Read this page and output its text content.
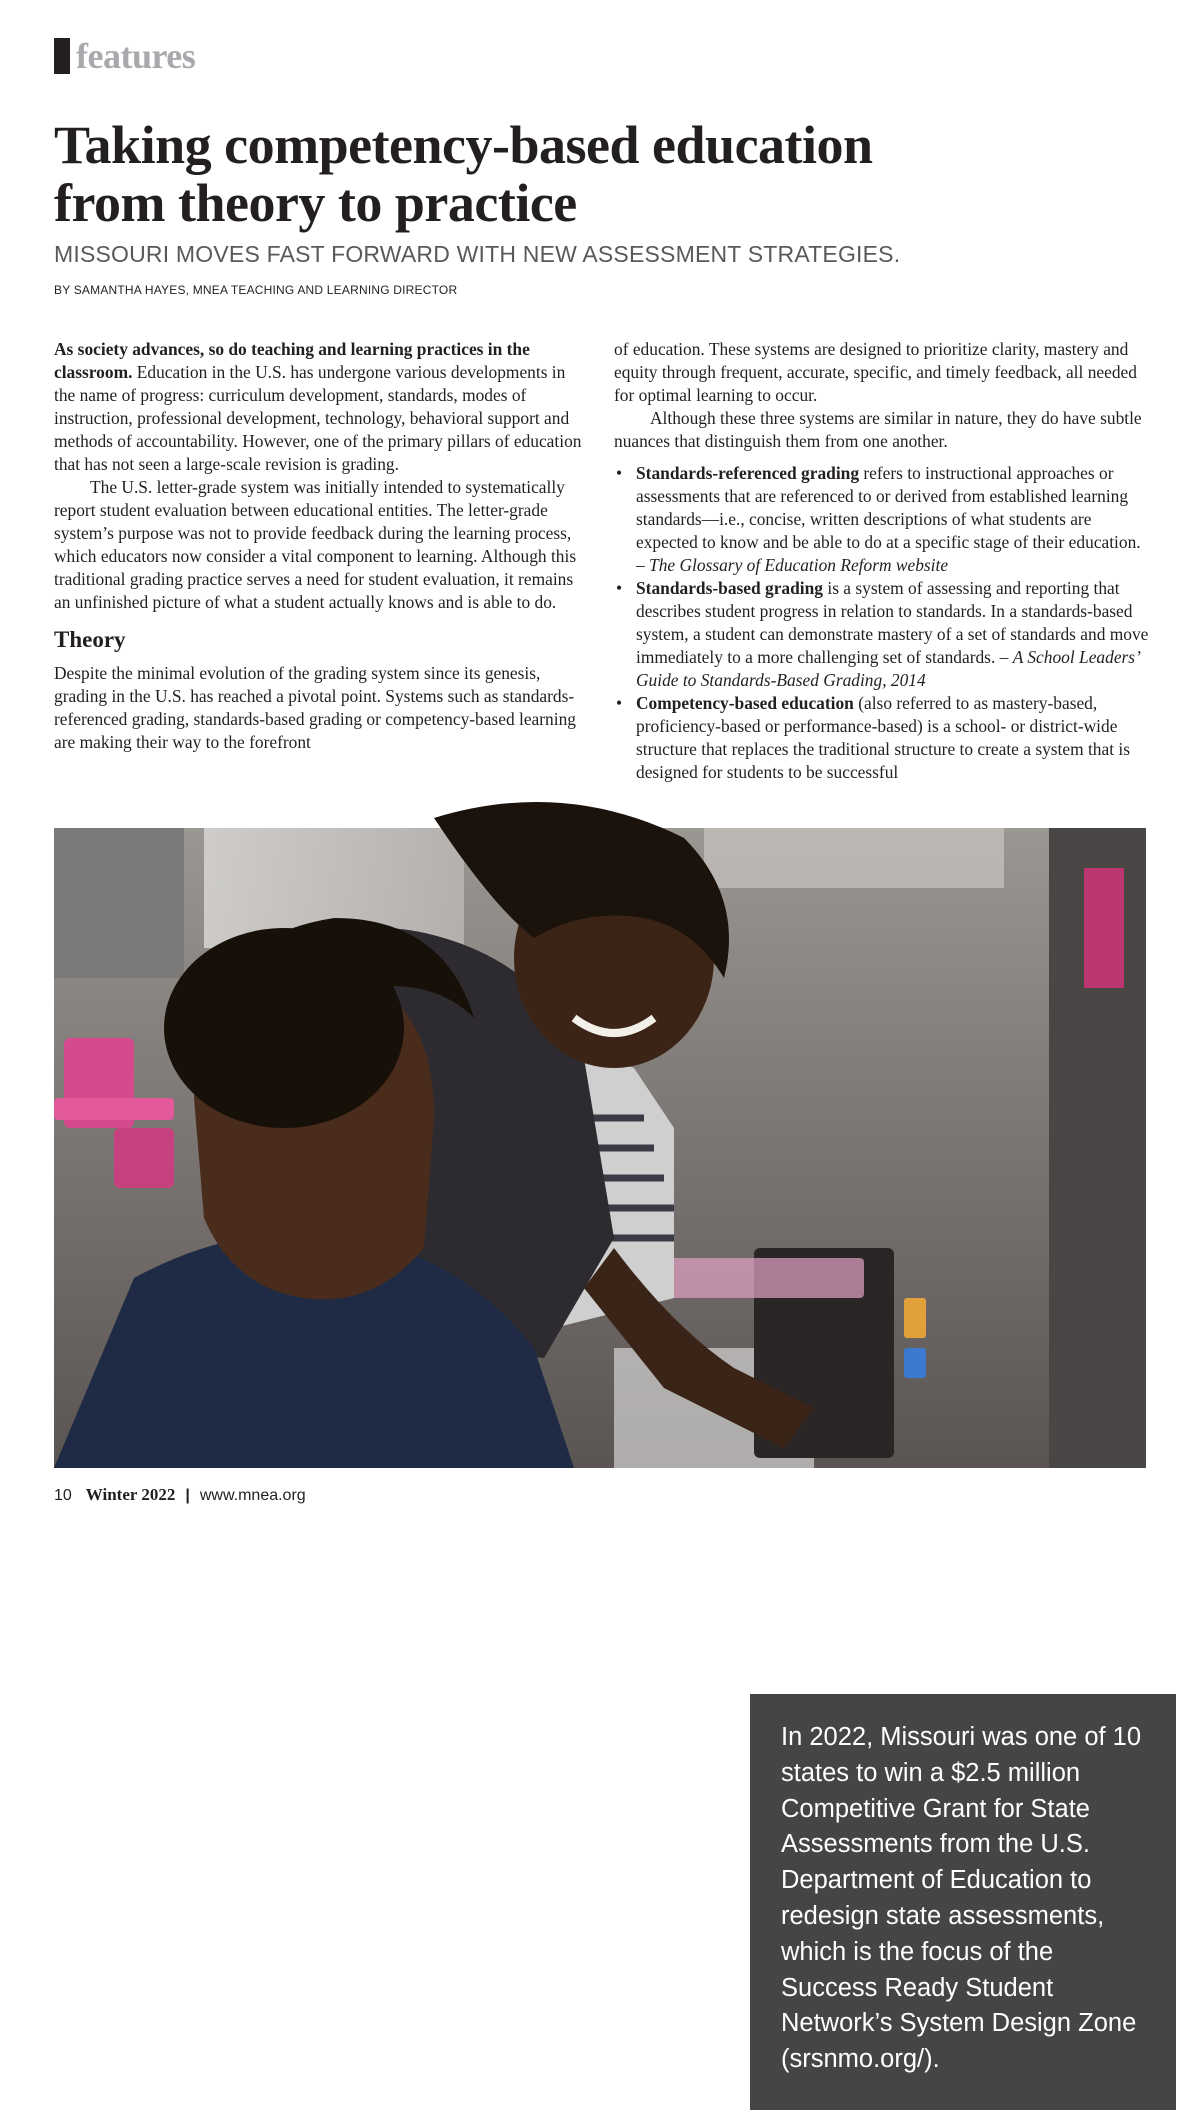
features
Taking competency-based education
from theory to practice
MISSOURI MOVES FAST FORWARD WITH NEW ASSESSMENT STRATEGIES.
BY SAMANTHA HAYES, MNEA TEACHING AND LEARNING DIRECTOR

As society advances, so do teaching and learning practices in the classroom. Education in the U.S. has undergone various developments in the name of progress: curriculum development, standards, modes of instruction, professional development, technology, behavioral support and methods of accountability. However, one of the primary pillars of education that has not seen a large-scale revision is grading.

The U.S. letter-grade system was initially intended to systematically report student evaluation between educational entities. The letter-grade system’s purpose was not to provide feedback during the learning process, which educators now consider a vital component to learning. Although this traditional grading practice serves a need for student evaluation, it remains an unfinished picture of what a student actually knows and is able to do.

Theory

Despite the minimal evolution of the grading system since its genesis, grading in the U.S. has reached a pivotal point. Systems such as standards-referenced grading, standards-based grading or competency-based learning are making their way to the forefront

of education. These systems are designed to prioritize clarity, mastery and equity through frequent, accurate, specific, and timely feedback, all needed for optimal learning to occur.

Although these three systems are similar in nature, they do have subtle nuances that distinguish them from one another.

• Standards-referenced grading refers to instructional approaches or assessments that are referenced to or derived from established learning standards—i.e., concise, written descriptions of what students are expected to know and be able to do at a specific stage of their education. – The Glossary of Education Reform website
• Standards-based grading is a system of assessing and reporting that describes student progress in relation to standards. In a standards-based system, a student can demonstrate mastery of a set of standards and move immediately to a more challenging set of standards. – A School Leaders’ Guide to Standards-Based Grading, 2014
• Competency-based education (also referred to as mastery-based, proficiency-based or performance-based) is a school- or district-wide structure that replaces the traditional structure to create a system that is designed for students to be successful

In 2022, Missouri was one of 10 states to win a $2.5 million Competitive Grant for State Assessments from the U.S. Department of Education to redesign state assessments, which is the focus of the Success Ready Student Network’s System Design Zone (srsnmo.org/).

10 Winter 2022 | www.mnea.org
